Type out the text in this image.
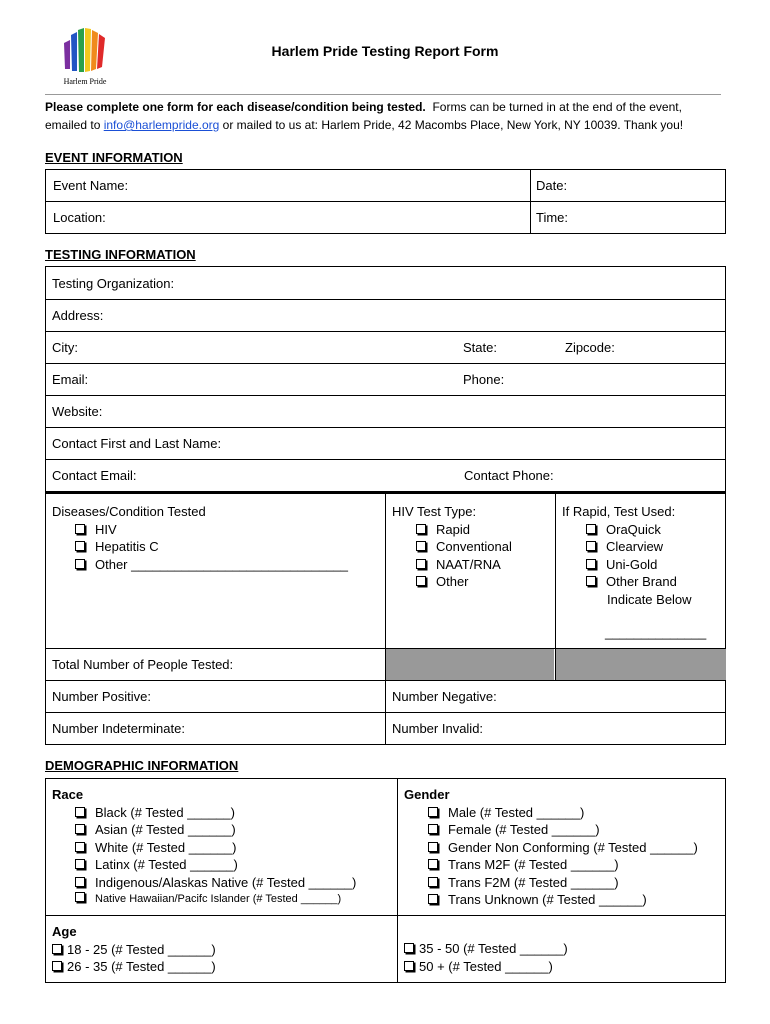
Harlem Pride
Harlem Pride Testing Report Form
Please complete one form for each disease/condition being tested. Forms can be turned in at the end of the event,
emailed to info@harlempride.org or mailed to us at: Harlem Pride, 42 Macombs Place, New York, NY 10039. Thank you!
EVENT INFORMATION
Event Name:	Date:
Location:	Time:
TESTING INFORMATION
Testing Organization:
Address:
City:	State:	Zipcode:
Email:	Phone:
Website:
Contact First and Last Name:
Contact Email:	Contact Phone:
Diseases/Condition Tested
HIV
Hepatitis C
Other ______________________________
HIV Test Type:
Rapid
Conventional
NAAT/RNA
Other
If Rapid, Test Used:
OraQuick
Clearview
Uni-Gold
Other Brand
Indicate Below
______________
Total Number of People Tested:
Number Positive:	Number Negative:
Number Indeterminate:	Number Invalid:
DEMOGRAPHIC INFORMATION
Race
Black (# Tested ______)
Asian (# Tested ______)
White (# Tested ______)
Latinx (# Tested ______)
Indigenous/Alaskas Native (# Tested ______)
Native Hawaiian/Pacifc Islander (# Tested ______)
Gender
Male (# Tested ______)
Female (# Tested ______)
Gender Non Conforming (# Tested ______)
Trans M2F (# Tested ______)
Trans F2M (# Tested ______)
Trans Unknown (# Tested ______)
Age
18 - 25 (# Tested ______)
26 - 35 (# Tested ______)
35 - 50 (# Tested ______)
50 + (# Tested ______)
